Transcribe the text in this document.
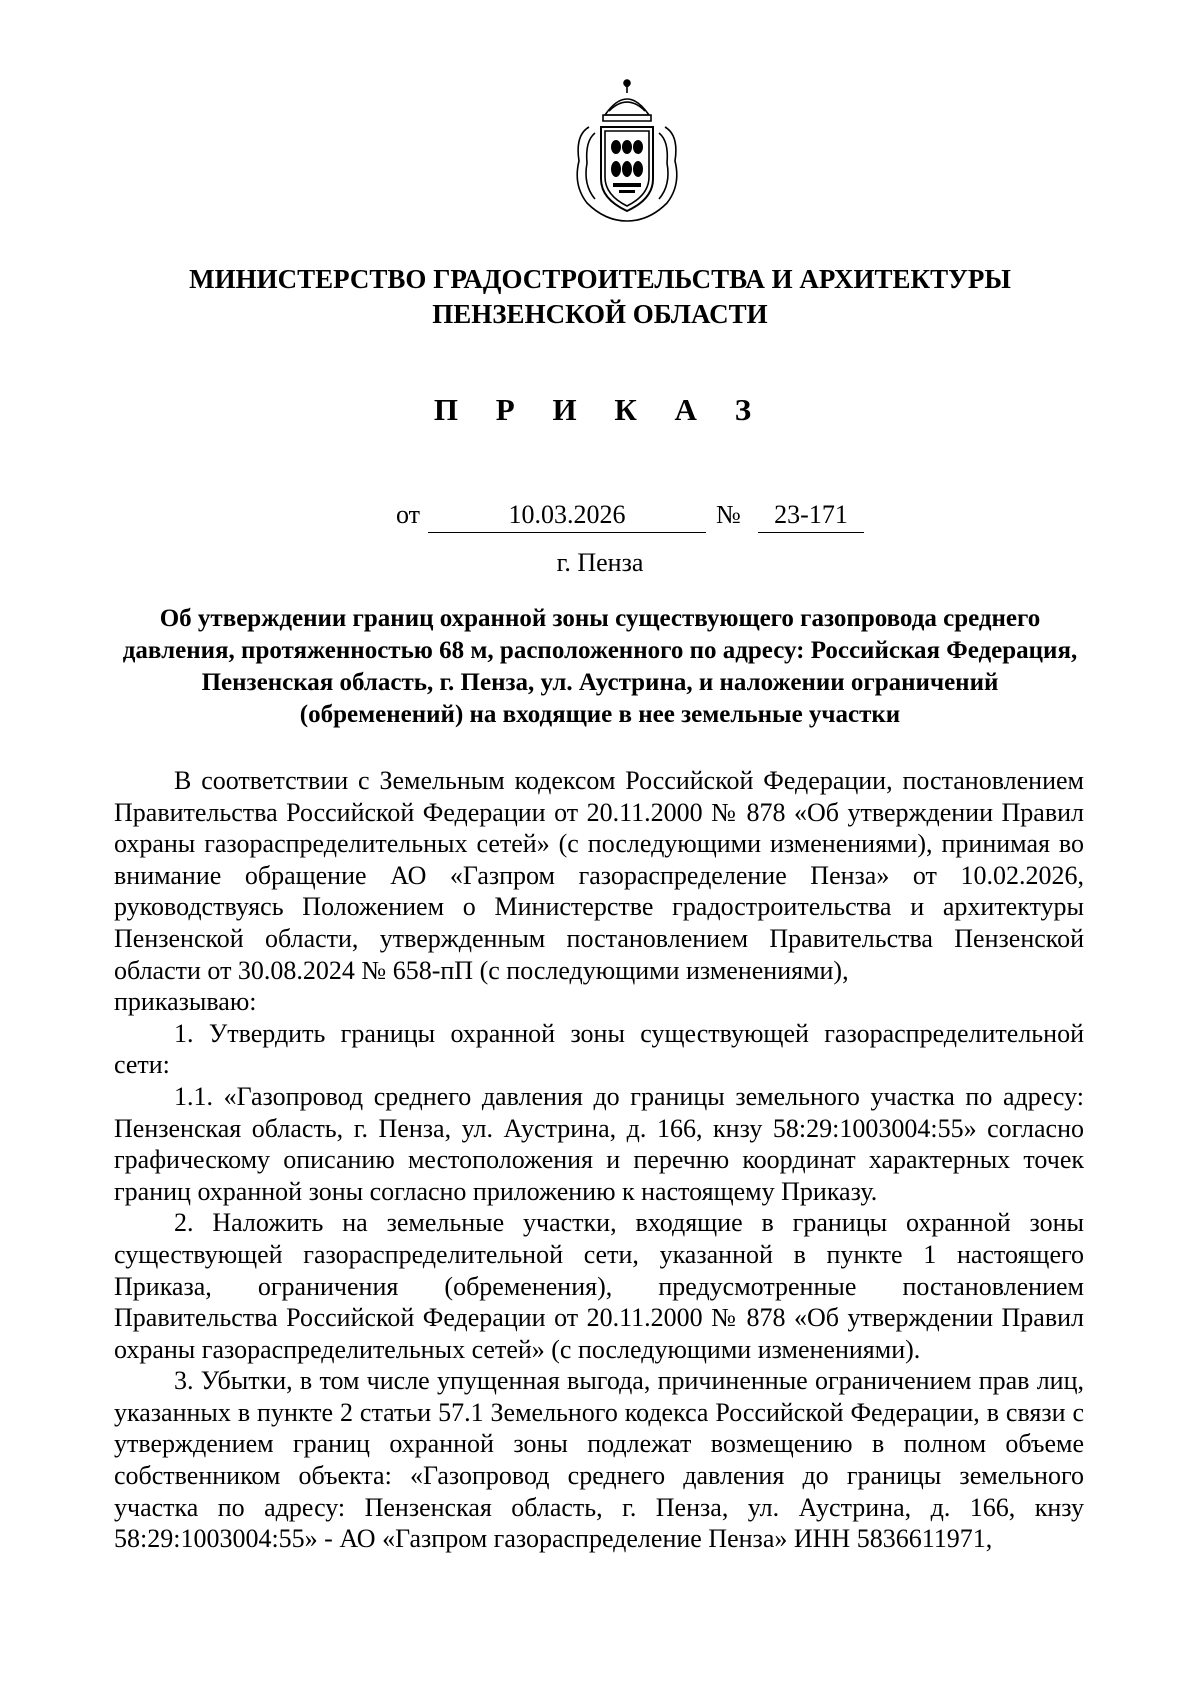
МИНИСТЕРСТВО ГРАДОСТРОИТЕЛЬСТВА И АРХИТЕКТУРЫ
ПЕНЗЕНСКОЙ ОБЛАСТИ
П Р И К А З
от	10.03.2026	№	23-171
г. Пенза
Об утверждении границ охранной зоны существующего газопровода среднего давления, протяженностью 68 м, расположенного по адресу: Российская Федерация, Пензенская область, г. Пенза, ул. Аустрина, и наложении ограничений (обременений) на входящие в нее земельные участки

В соответствии с Земельным кодексом Российской Федерации, постановлением Правительства Российской Федерации от 20.11.2000 № 878 «Об утверждении Правил охраны газораспределительных сетей» (с последующими изменениями), принимая во внимание обращение АО «Газпром газораспределение Пенза» от 10.02.2026, руководствуясь Положением о Министерстве градостроительства и архитектуры Пензенской области, утвержденным постановлением Правительства Пензенской области от 30.08.2024 № 658-пП (с последующими изменениями),

приказываю:

1. Утвердить границы охранной зоны существующей газораспределительной сети:

1.1. «Газопровод среднего давления до границы земельного участка по адресу: Пензенская область, г. Пенза, ул. Аустрина, д. 166, кнзу 58:29:1003004:55» согласно графическому описанию местоположения и перечню координат характерных точек границ охранной зоны согласно приложению к настоящему Приказу.

2. Наложить на земельные участки, входящие в границы охранной зоны существующей газораспределительной сети, указанной в пункте 1 настоящего Приказа, ограничения (обременения), предусмотренные постановлением Правительства Российской Федерации от 20.11.2000 № 878 «Об утверждении Правил охраны газораспределительных сетей» (с последующими изменениями).

3. Убытки, в том числе упущенная выгода, причиненные ограничением прав лиц, указанных в пункте 2 статьи 57.1 Земельного кодекса Российской Федерации, в связи с утверждением границ охранной зоны подлежат возмещению в полном объеме собственником объекта: «Газопровод среднего давления до границы земельного участка по адресу: Пензенская область, г. Пенза, ул. Аустрина, д. 166, кнзу 58:29:1003004:55» - АО «Газпром газораспределение Пенза» ИНН 5836611971,
